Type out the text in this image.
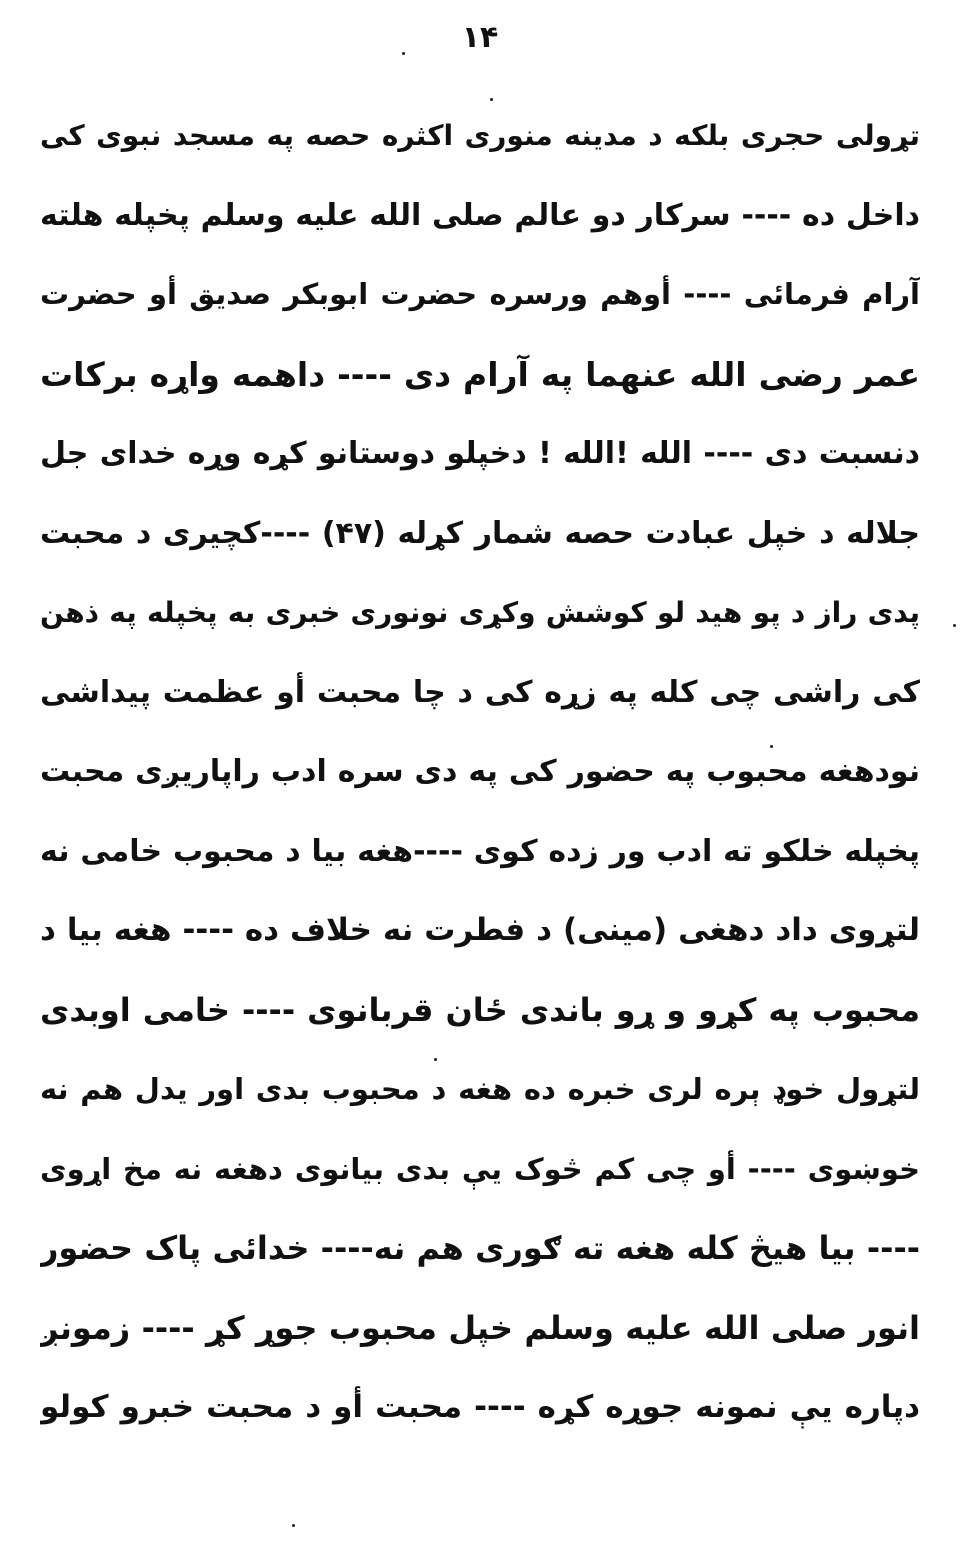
۱۴
تړولی حجری بلکه د مدینه منوری اکثره حصه په مسجد نبوی کی
داخل ده ---- سرکار دو عالم صلی الله علیه وسلم پخپله هلته
آرام فرمائی ---- أوهم ورسره حضرت ابوبکر صدیق أو حضرت
عمر رضی الله عنهما په آرام دی ---- داهمه واړه برکات
دنسبت دی ---- الله !الله ! دخپلو دوستانو کړه وړه خدای جل
جلاله د خپل عبادت حصه شمار کړله (۴۷) ----کچیری د محبت
پدی راز د پو هید لو کوشش وکړی نونوری خبری به پخپله په ذهن
کی راشی چی کله په زړه کی د چا محبت أو عظمت پیداشی
نودهغه محبوب په حضور کی په دی سره ادب راپاریږی محبت
پخپله خلکو ته ادب ور زده کوی ----هغه بیا د محبوب خامی نه
لتړوی داد دهغی (مینی) د فطرت نه خلاف ده ---- هغه بیا د
محبوب په کړو و ړو باندی ځان قربانوی ---- خامی اوبدی
لتړول خوډ ېره لری خبره ده هغه د محبوب بدی اور یدل هم نه
خوښوی ---- أو چی کم څوک یې بدی بیانوی دهغه نه مخ اړوی
---- بیا هیڅ کله هغه ته ګوری هم نه---- خدائی پاک حضور
انور صلی الله علیه وسلم خپل محبوب جوړ کړ ---- زمونږ
دپاره یې نمونه جوړه کړه ---- محبت أو د محبت خبرو کولو
